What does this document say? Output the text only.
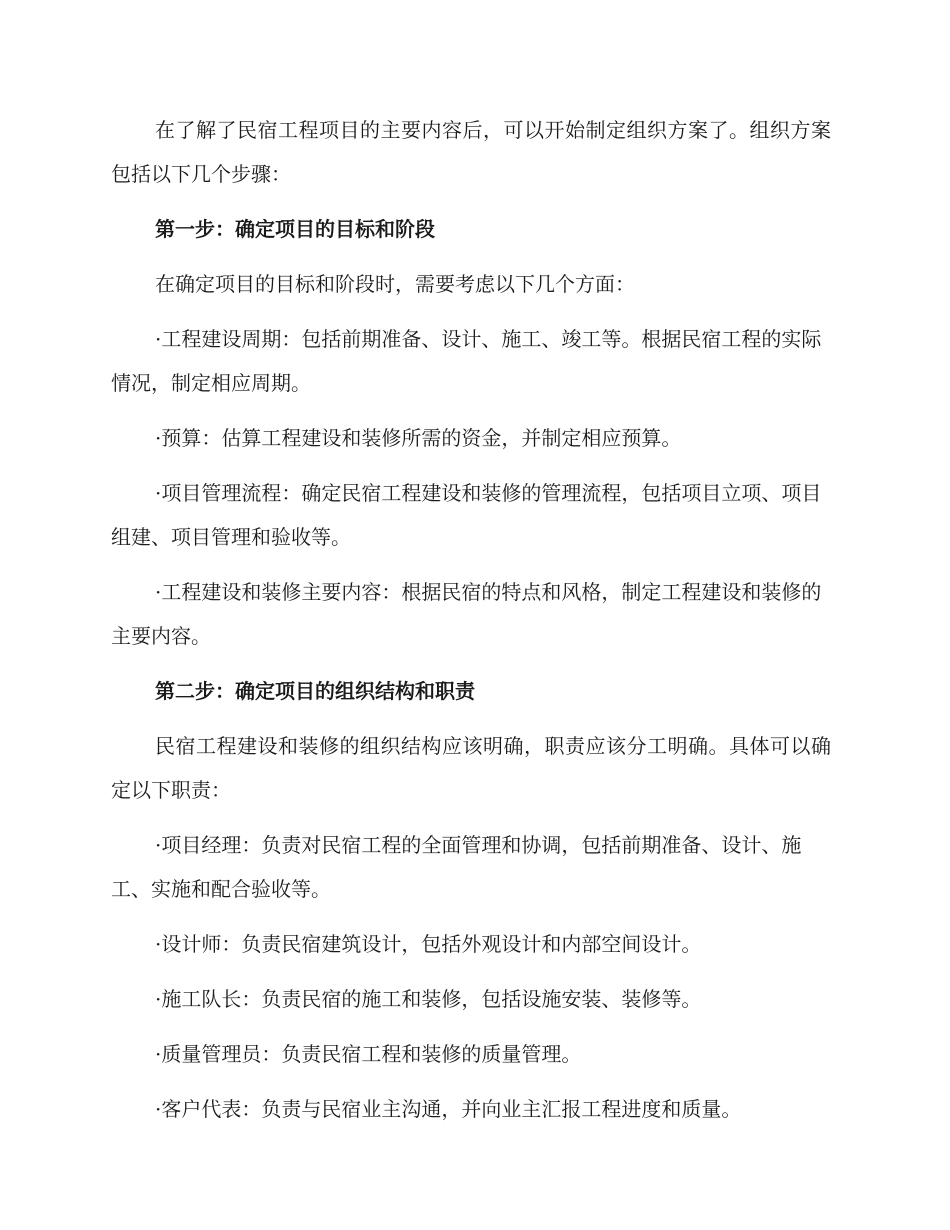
在了解了民宿工程项目的主要内容后，可以开始制定组织方案了。组织方案包括以下几个步骤：

第一步：确定项目的目标和阶段

在确定项目的目标和阶段时，需要考虑以下几个方面：

·工程建设周期：包括前期准备、设计、施工、竣工等。根据民宿工程的实际情况，制定相应周期。

·预算：估算工程建设和装修所需的资金，并制定相应预算。

·项目管理流程：确定民宿工程建设和装修的管理流程，包括项目立项、项目组建、项目管理和验收等。

·工程建设和装修主要内容：根据民宿的特点和风格，制定工程建设和装修的主要内容。

第二步：确定项目的组织结构和职责

民宿工程建设和装修的组织结构应该明确，职责应该分工明确。具体可以确定以下职责：

·项目经理：负责对民宿工程的全面管理和协调，包括前期准备、设计、施工、实施和配合验收等。

·设计师：负责民宿建筑设计，包括外观设计和内部空间设计。

·施工队长：负责民宿的施工和装修，包括设施安装、装修等。

·质量管理员：负责民宿工程和装修的质量管理。

·客户代表：负责与民宿业主沟通，并向业主汇报工程进度和质量。
